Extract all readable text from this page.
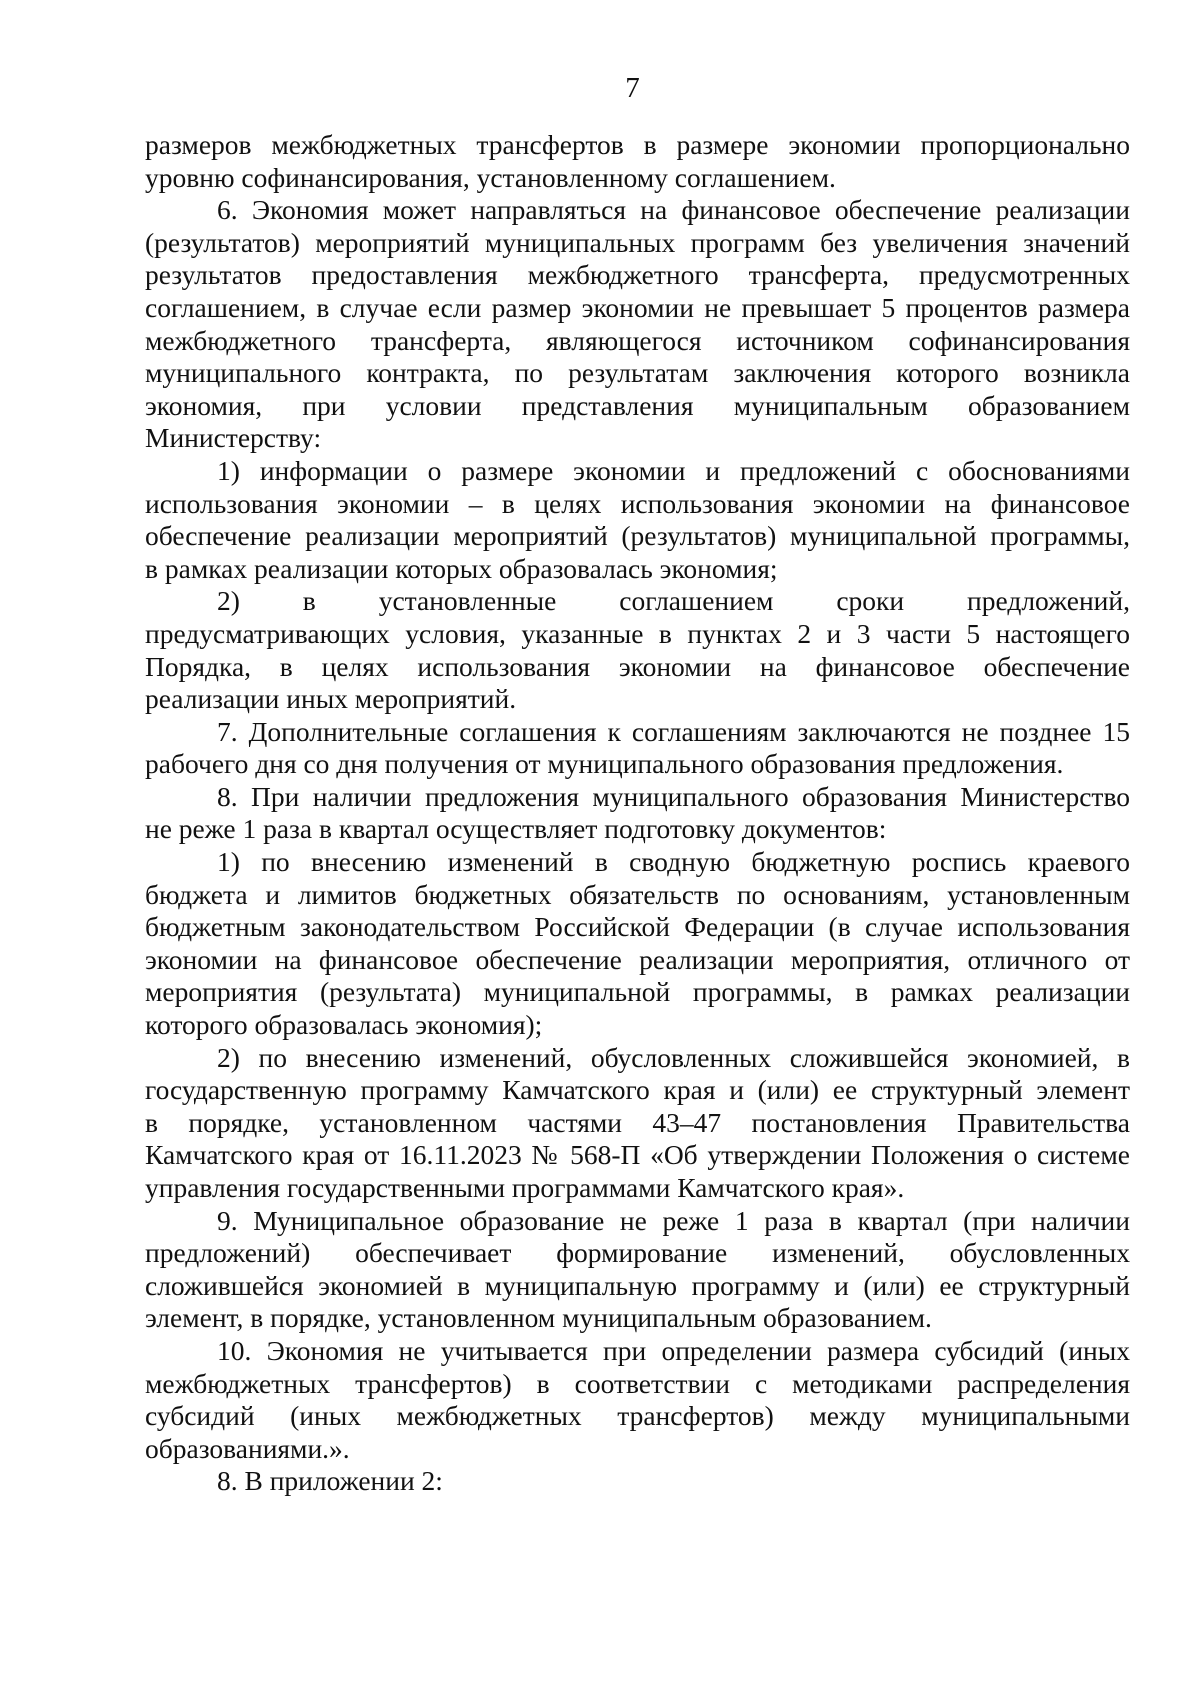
7
размеров межбюджетных трансфертов в размере экономии пропорционально
уровню софинансирования, установленному соглашением.
6. Экономия может направляться на финансовое обеспечение реализации
(результатов) мероприятий муниципальных программ без увеличения значений
результатов предоставления межбюджетного трансферта, предусмотренных
соглашением, в случае если размер экономии не превышает 5 процентов размера
межбюджетного трансферта, являющегося источником софинансирования
муниципального контракта, по результатам заключения которого возникла
экономия, при условии представления муниципальным образованием
Министерству:
1) информации о размере экономии и предложений с обоснованиями
использования экономии – в целях использования экономии на финансовое
обеспечение реализации мероприятий (результатов) муниципальной программы,
в рамках реализации которых образовалась экономия;
2) в установленные соглашением сроки предложений,
предусматривающих условия, указанные в пунктах 2 и 3 части 5 настоящего
Порядка, в целях использования экономии на финансовое обеспечение
реализации иных мероприятий.
7. Дополнительные соглашения к соглашениям заключаются не позднее 15
рабочего дня со дня получения от муниципального образования предложения.
8. При наличии предложения муниципального образования Министерство
не реже 1 раза в квартал осуществляет подготовку документов:
1) по внесению изменений в сводную бюджетную роспись краевого
бюджета и лимитов бюджетных обязательств по основаниям, установленным
бюджетным законодательством Российской Федерации (в случае использования
экономии на финансовое обеспечение реализации мероприятия, отличного от
мероприятия (результата) муниципальной программы, в рамках реализации
которого образовалась экономия);
2) по внесению изменений, обусловленных сложившейся экономией, в
государственную программу Камчатского края и (или) ее структурный элемент
в порядке, установленном частями 43–47 постановления Правительства
Камчатского края от 16.11.2023 № 568-П «Об утверждении Положения о системе
управления государственными программами Камчатского края».
9. Муниципальное образование не реже 1 раза в квартал (при наличии
предложений) обеспечивает формирование изменений, обусловленных
сложившейся экономией в муниципальную программу и (или) ее структурный
элемент, в порядке, установленном муниципальным образованием.
10. Экономия не учитывается при определении размера субсидий (иных
межбюджетных трансфертов) в соответствии с методиками распределения
субсидий (иных межбюджетных трансфертов) между муниципальными
образованиями.».
8. В приложении 2:
